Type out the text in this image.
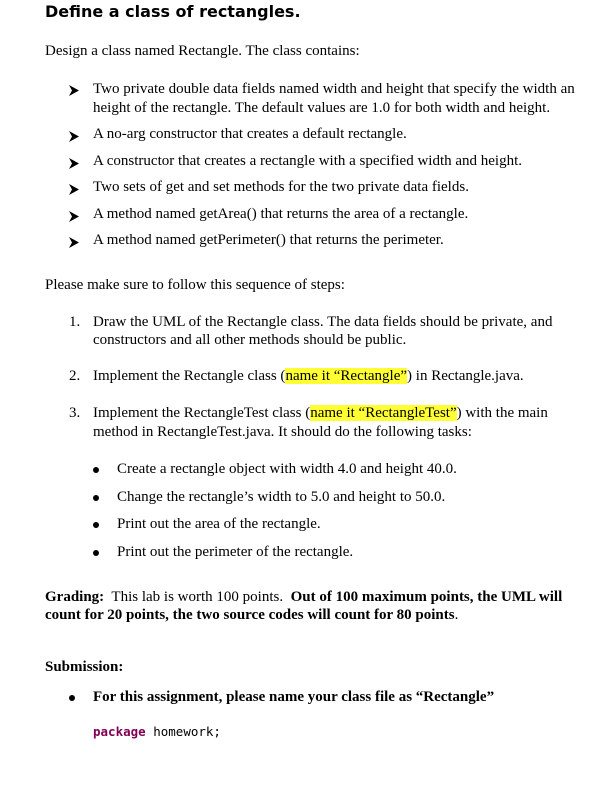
Define a class of rectangles.
Design a class named Rectangle. The class contains:
Two private double data fields named width and height that specify the width an
height of the rectangle. The default values are 1.0 for both width and height.
A no-arg constructor that creates a default rectangle.
A constructor that creates a rectangle with a specified width and height.
Two sets of get and set methods for the two private data fields.
A method named getArea() that returns the area of a rectangle.
A method named getPerimeter() that returns the perimeter.
Please make sure to follow this sequence of steps:
1. Draw the UML of the Rectangle class. The data fields should be private, and
constructors and all other methods should be public.
2. Implement the Rectangle class (name it “Rectangle”) in Rectangle.java.
3. Implement the RectangleTest class (name it “RectangleTest”) with the main
method in RectangleTest.java. It should do the following tasks:
Create a rectangle object with width 4.0 and height 40.0.
Change the rectangle’s width to 5.0 and height to 50.0.
Print out the area of the rectangle.
Print out the perimeter of the rectangle.
Grading: This lab is worth 100 points. Out of 100 maximum points, the UML will
count for 20 points, the two source codes will count for 80 points.
Submission:
For this assignment, please name your class file as “Rectangle”
package homework;
